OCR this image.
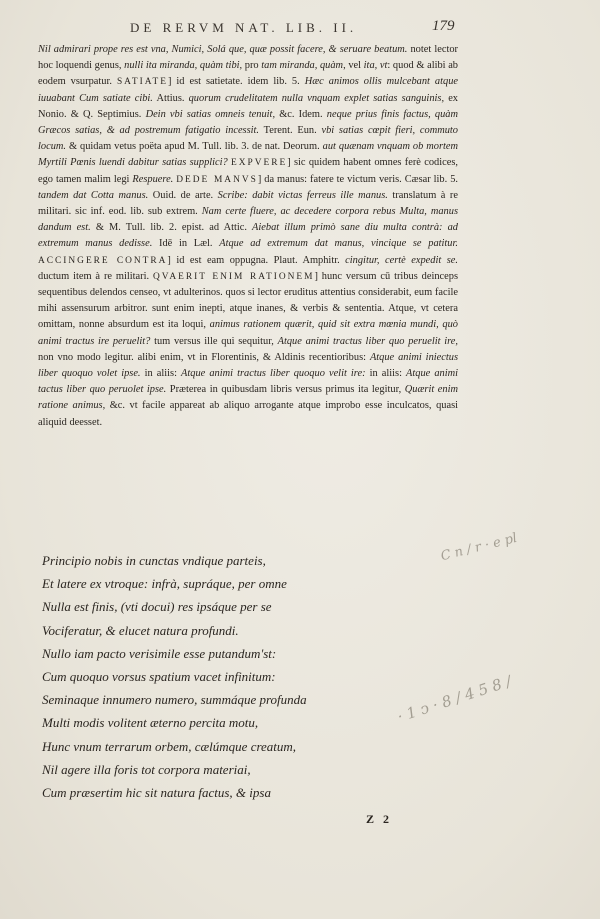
DE RERVM NAT. LIB. II.	179

Nil admirari prope res est vna, Numici, Solá que, quæ possit facere, & seruare beatum. notet lector hoc loquendi genus, nulli ita miranda, quàm tibi, pro tam miranda, quàm, vel ita, vt: quod & alibi ab eodem vsurpatur. SATIATE] id est satietate. idem lib. 5. Hæc animos ollis mulcebant atque iuuabant Cum satiate cibi. Attius. quorum crudelitatem nulla vnquam explet satias sanguinis, ex Nonio. & Q. Septimius. Dein vbi satias omneis tenuit, &c. Idem. neque prius finis factus, quàm Græcos satias, & ad postremum fatigatio incessit. Terent. Eun. vbi satias cœpit fieri, commuto locum. & quidam vetus poëta apud M. Tull. lib. 3. de nat. Deorum. aut quænam vnquam ob mortem Myrtili Pœnis luendi dabitur satias supplici? EXPVERE] sic quidem habent omnes ferè codices, ego tamen malim legi Respuere. DEDE MANVS] da manus: fatere te victum veris. Cæsar lib. 5. tandem dat Cotta manus. Ouid. de arte. Scribe: dabit victas ferreus ille manus. translatum à re militari. sic inf. eod. lib. sub extrem. Nam certe fluere, ac decedere corpora rebus Multa, manus dandum est. & M. Tull. lib. 2. epist. ad Attic. Aiebat illum primò sane diu multa contrà: ad extremum manus dedisse. Idē in Læl. Atque ad extremum dat manus, vincique se patitur. ACCINGERE CONTRA] id est eam oppugna. Plaut. Amphitr. cingitur, certè expedit se. ductum item à re militari. QVAERIT ENIM RATIONEM] hunc versum cū tribus deinceps sequentibus delendos censeo, vt adulterinos. quos si lector eruditus attentius considerabit, eum facile mihi assensurum arbitror. sunt enim inepti, atque inanes, & verbis & sententia. Atque, vt cetera omittam, nonne absurdum est ita loqui, animus rationem quærit, quid sit extra mœnia mundi, quò animi tractus ire peruelit? tum versus ille qui sequitur, Atque animi tractus liber quo peruelit ire, non vno modo legitur. alibi enim, vt in Florentinis, & Aldinis recentioribus: Atque animi iniectus liber quoquo volet ipse. in aliis: Atque animi tractus liber quoquo velit ire: in aliis: Atque animi tactus liber quo peruolet ipse. Præterea in quibusdam libris versus primus ita legitur, Quærit enim ratione animus, &c. vt facile appareat ab aliquo arrogante atque improbo esse inculcatos, quasi aliquid deesset.

Principio nobis in cunctas vndique parteis,
Et latere ex vtroque: infrà, supráque, per omne
Nulla est finis, (vti docui) res ipsáque per se
Vociferatur, & elucet natura profundi.
Nullo iam pacto verisimile esse putandum'st:
Cum quoquo vorsus spatium vacet infinitum:
Seminaque innumero numero, summáque profunda
Multi modis volitent æterno percita motu,
Hunc vnum terrarum orbem, cælúmque creatum,
Nil agere illa foris tot corpora materiai,
Cum præsertim hic sit natura factus, & ipsa
Z 2
C n / r · e pl
· 1 ↄ · 8 / 4 5 8 /
